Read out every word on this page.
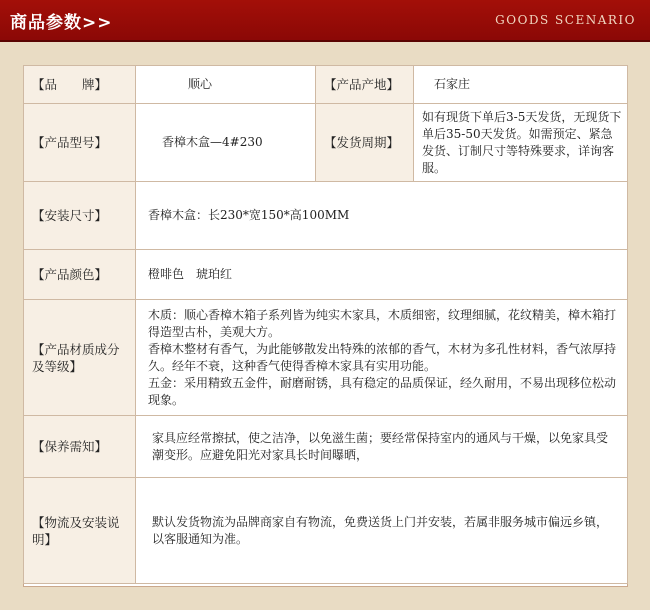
商品参数>>	GOODS SCENARIO
【品　　牌】	顺心	【产品产地】	石家庄
【产品型号】	香樟木盒—4#230	【发货周期】	如有现货下单后3-5天发货，无现货下单后35-50天发货。如需预定、紧急发货、订制尺寸等特殊要求，详询客服。
【安装尺寸】	香樟木盒：长230*宽150*高100MM		
【产品颜色】	橙啡色　琥珀红		
【产品材质成分及等级】	木质：顺心香樟木箱子系列皆为纯实木家具，木质细密，纹理细腻，花纹精美，樟木箱打得造型古朴，美观大方。
香樟木整材有香气，为此能够散发出特殊的浓郁的香气，木材为多孔性材料，香气浓厚持久。经年不衰，这种香气使得香樟木家具有实用功能。
五金：采用精致五金件，耐磨耐锈，具有稳定的品质保证，经久耐用，不易出现移位松动现象。		

【保养需知】	家具应经常擦拭，使之洁净，以免滋生菌；要经常保持室内的通风与干燥，以免家具受潮变形。应避免阳光对家具长时间曝晒，		
【物流及安装说明】	默认发货物流为品牌商家自有物流，免费送货上门并安装，若属非服务城市偏远乡镇，以客服通知为准。		
